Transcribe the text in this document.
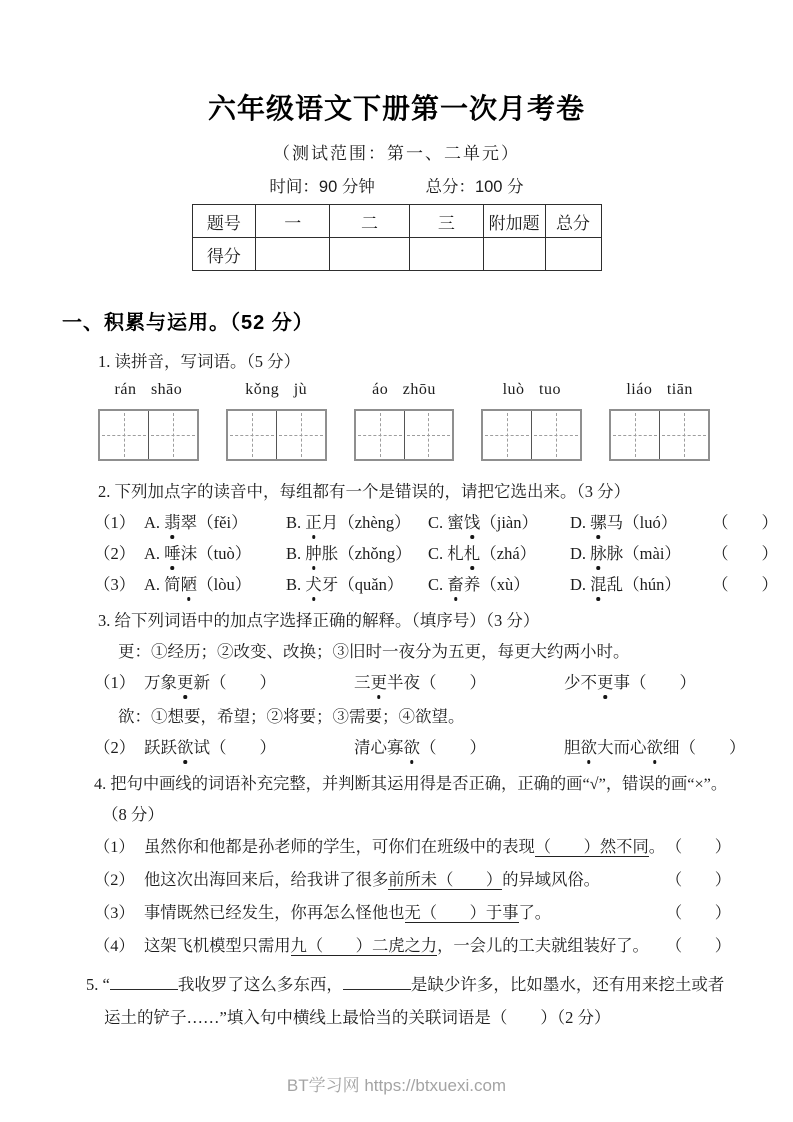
六年级语文下册第一次月考卷
（测试范围：第一、二单元）
时间：90 分钟	总分：100 分
题号	一	二	三	附加题	总分
得分					
一、积累与运用。（52 分）
1. 读拼音，写词语。（5 分）
rán shāo	kǒng jù	áo zhōu	luò tuo	liáo tiān
2. 下列加点字的读音中，每组都有一个是错误的，请把它选出来。（3 分）
（1） A. 翡翠（fěi）	B. 正月（zhèng）	C. 蜜饯（jiàn）	D. 骡马（luó）	（　　）
（2） A. 唾沫（tuò）	B. 肿胀（zhǒng） C. 札札（zhá）	D. 脉脉（mài）	（　　）
（3） A. 简陋（lòu）	B. 犬牙（quǎn）	C. 畜养（xù）	D. 混乱（hún）	（　　）
3. 给下列词语中的加点字选择正确的解释。（填序号）（3 分）
更：①经历；②改变、改换；③旧时一夜分为五更，每更大约两小时。
（1） 万象更新（　　）	三更半夜（　　）	少不更事（　　）
欲：①想要，希望；②将要；③需要；④欲望。
（2） 跃跃欲试（　　）	清心寡欲（　　）	胆欲大而心欲细（　　）
4. 把句中画线的词语补充完整，并判断其运用得是否正确，正确的画“√”，错误的画“×”。
（8 分）
（1） 虽然你和他都是孙老师的学生，可你们在班级中的表现（　　）然不同。 （　　）
（2） 他这次出海回来后，给我讲了很多前所未（　　）的异域风俗。	（　　）
（3） 事情既然已经发生，你再怎么怪他也无（　　）于事了。	（　　）
（4） 这架飞机模型只需用九（　　）二虎之力，一会儿的工夫就组装好了。 （　　）
5. “	我收罗了这么多东西，	是缺少许多，比如墨水，还有用来挖土或者
运土的铲子……”填入句中横线上最恰当的关联词语是（　　）（2 分）
BT学习网 https://btxuexi.com
